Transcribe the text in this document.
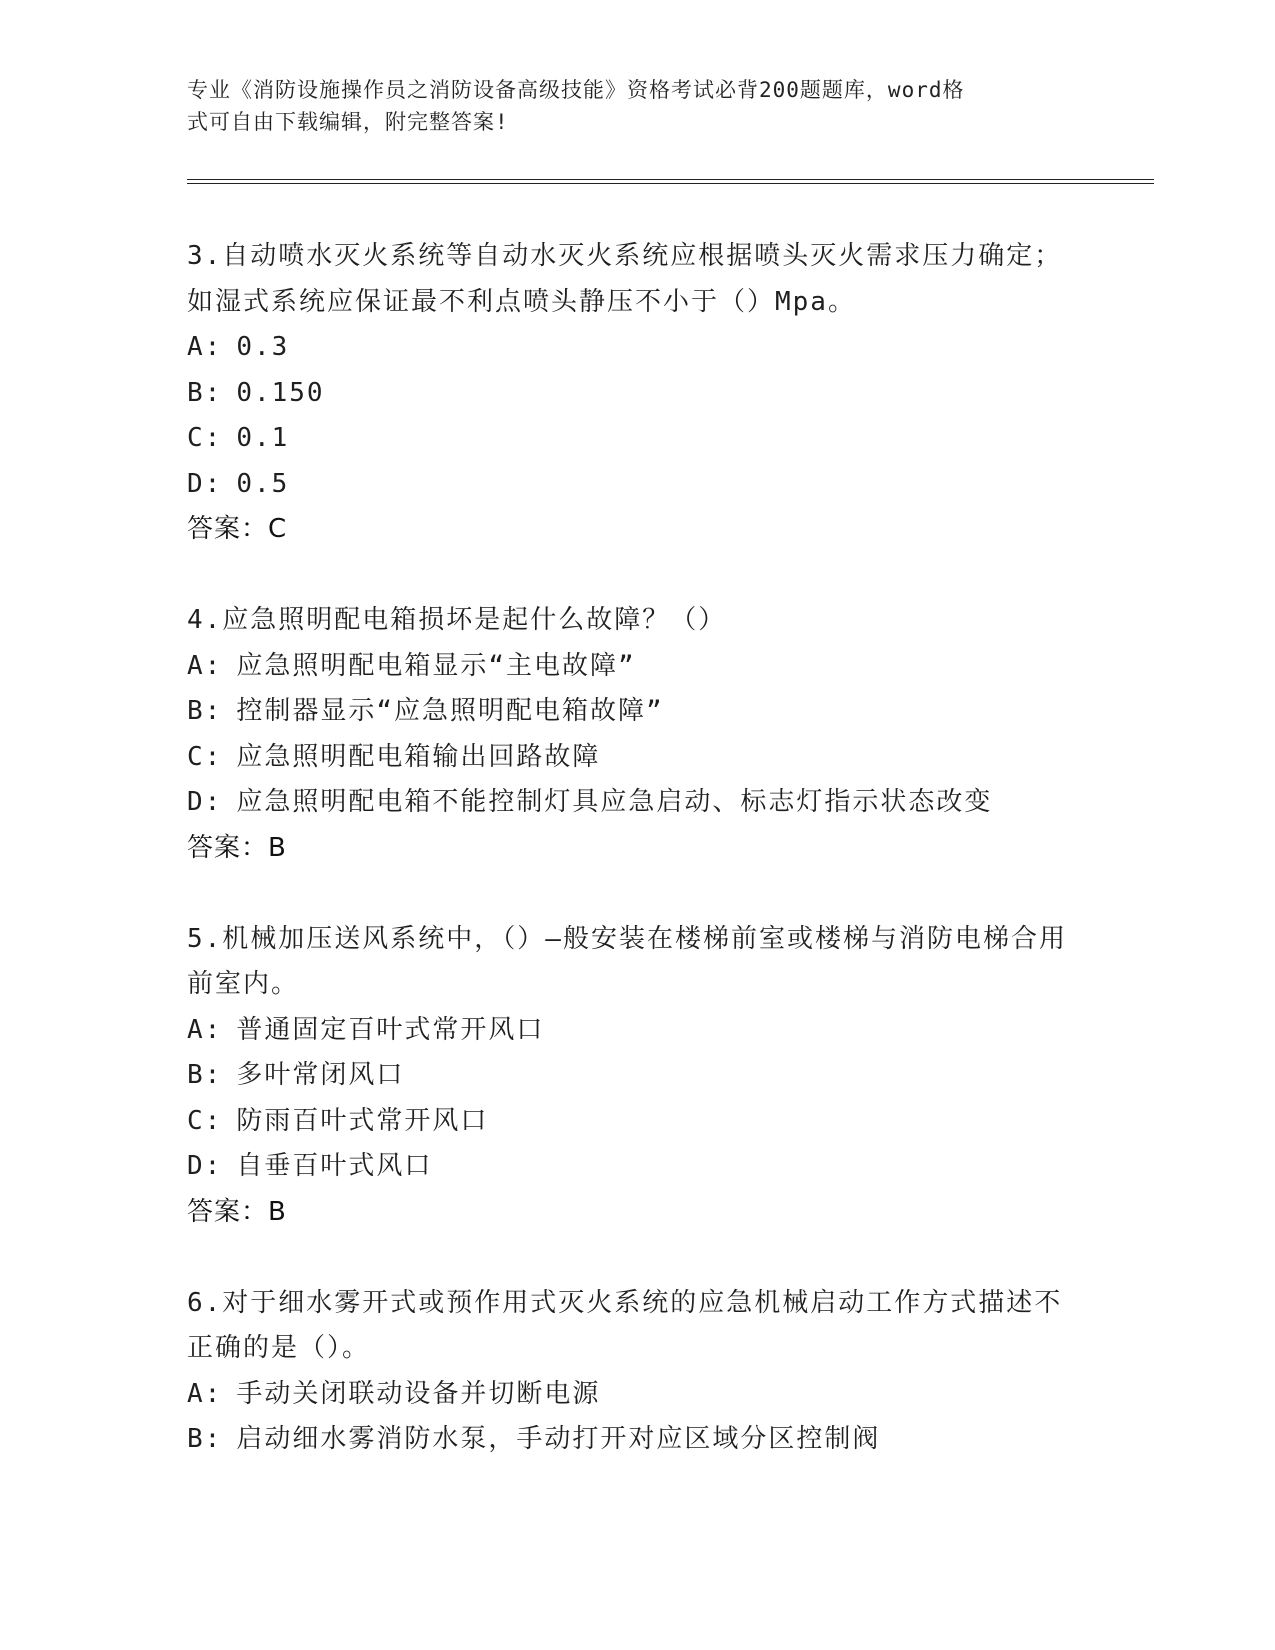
专业《消防设施操作员之消防设备高级技能》资格考试必背200题题库，word格
式可自由下载编辑，附完整答案!
3.自动喷水灭火系统等自动水灭火系统应根据喷头灭火需求压力确定；如湿式系统应保证最不利点喷头静压不小于（）Mpa。
A: 0.3
B: 0.150
C: 0.1
D: 0.5
答案：C
4.应急照明配电箱损坏是起什么故障？（）
A: 应急照明配电箱显示“主电故障”
B: 控制器显示“应急照明配电箱故障”
C: 应急照明配电箱输出回路故障
D: 应急照明配电箱不能控制灯具应急启动、标志灯指示状态改变
答案：B
5.机械加压送风系统中，（）—般安装在楼梯前室或楼梯与消防电梯合用前室内。
A: 普通固定百叶式常开风口
B: 多叶常闭风口
C: 防雨百叶式常开风口
D: 自垂百叶式风口
答案：B
6.对于细水雾开式或预作用式灭火系统的应急机械启动工作方式描述不正确的是（）。
A: 手动关闭联动设备并切断电源
B: 启动细水雾消防水泵，手动打开对应区域分区控制阀
